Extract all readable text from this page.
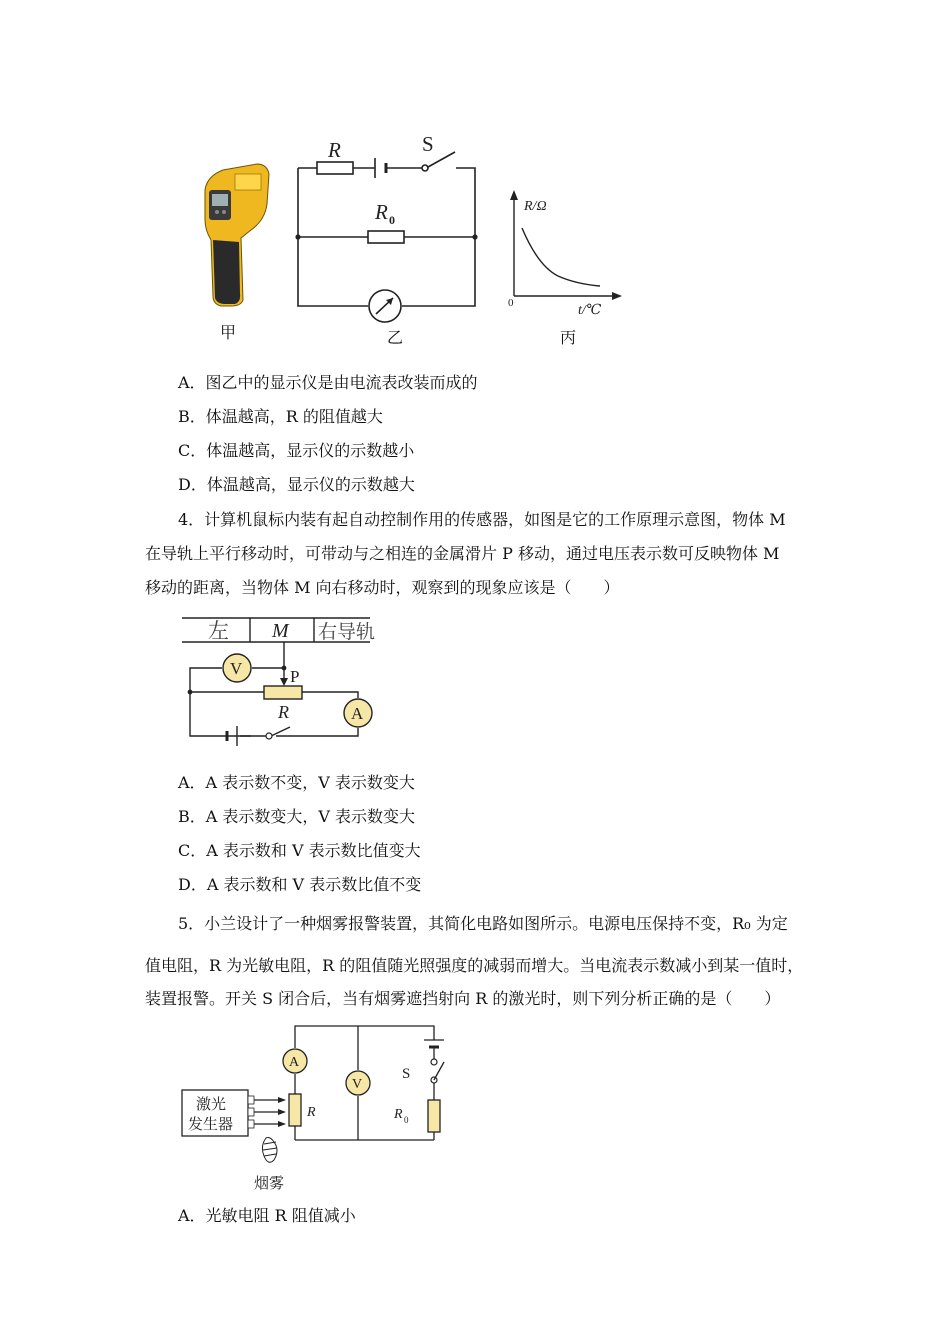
甲
R	S
R 0
乙
R/Ω
t/℃
0
丙
A．图乙中的显示仪是由电流表改装而成的
B．体温越高，R 的阻值越大
C．体温越高，显示仪的示数越小
D．体温越高，显示仪的示数越大
4．计算机鼠标内装有起自动控制作用的传感器，如图是它的工作原理示意图，物体 M
在导轨上平行移动时，可带动与之相连的金属滑片 P 移动，通过电压表示数可反映物体 M
移动的距离，当物体 M 向右移动时，观察到的现象应该是（　　）
左 M 右导轨
V	P
R	A
A．A 表示数不变，V 表示数变大
B．A 表示数变大，V 表示数变大
C．A 表示数和 V 表示数比值变大
D．A 表示数和 V 表示数比值不变
5．小兰设计了一种烟雾报警装置，其简化电路如图所示。电源电压保持不变，R₀ 为定
值电阻，R 为光敏电阻，R 的阻值随光照强度的减弱而增大。当电流表示数减小到某一值时，
装置报警。开关 S 闭合后，当有烟雾遮挡射向 R 的激光时，则下列分析正确的是（　　）
A
V
S
R	R 0
激光
发生器
烟雾
A．光敏电阻 R 阻值减小
